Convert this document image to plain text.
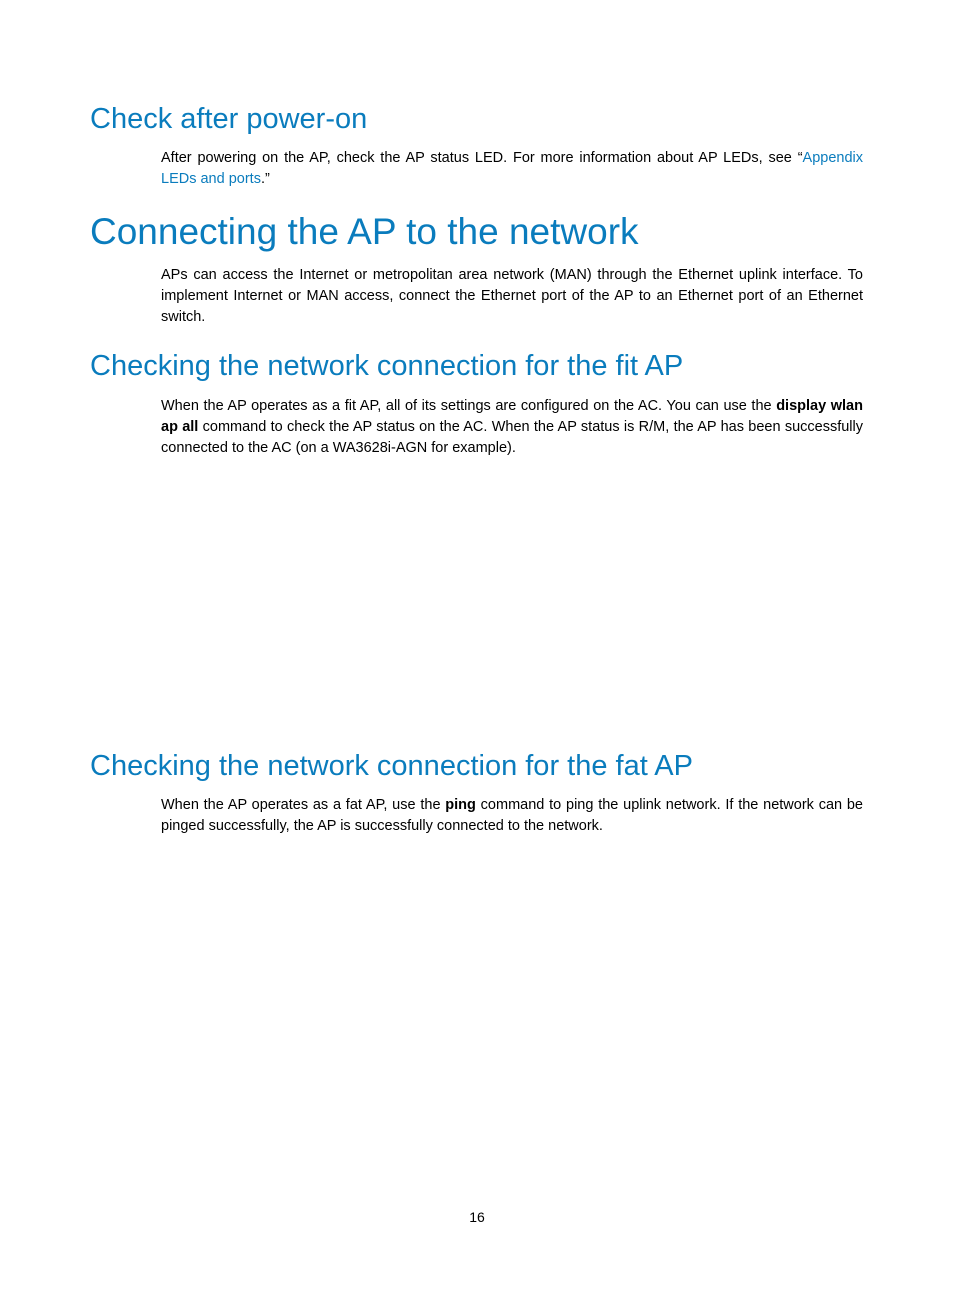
Check after power-on

After powering on the AP, check the AP status LED. For more information about AP LEDs, see “Appendix LEDs and ports.”

Connecting the AP to the network

APs can access the Internet or metropolitan area network (MAN) through the Ethernet uplink interface. To implement Internet or MAN access, connect the Ethernet port of the AP to an Ethernet port of an Ethernet switch.

Checking the network connection for the fit AP

When the AP operates as a fit AP, all of its settings are configured on the AC. You can use the display wlan ap all command to check the AP status on the AC. When the AP status is R/M, the AP has been successfully connected to the AC (on a WA3628i-AGN for example).

Checking the network connection for the fat AP

When the AP operates as a fat AP, use the ping command to ping the uplink network. If the network can be pinged successfully, the AP is successfully connected to the network.

16
